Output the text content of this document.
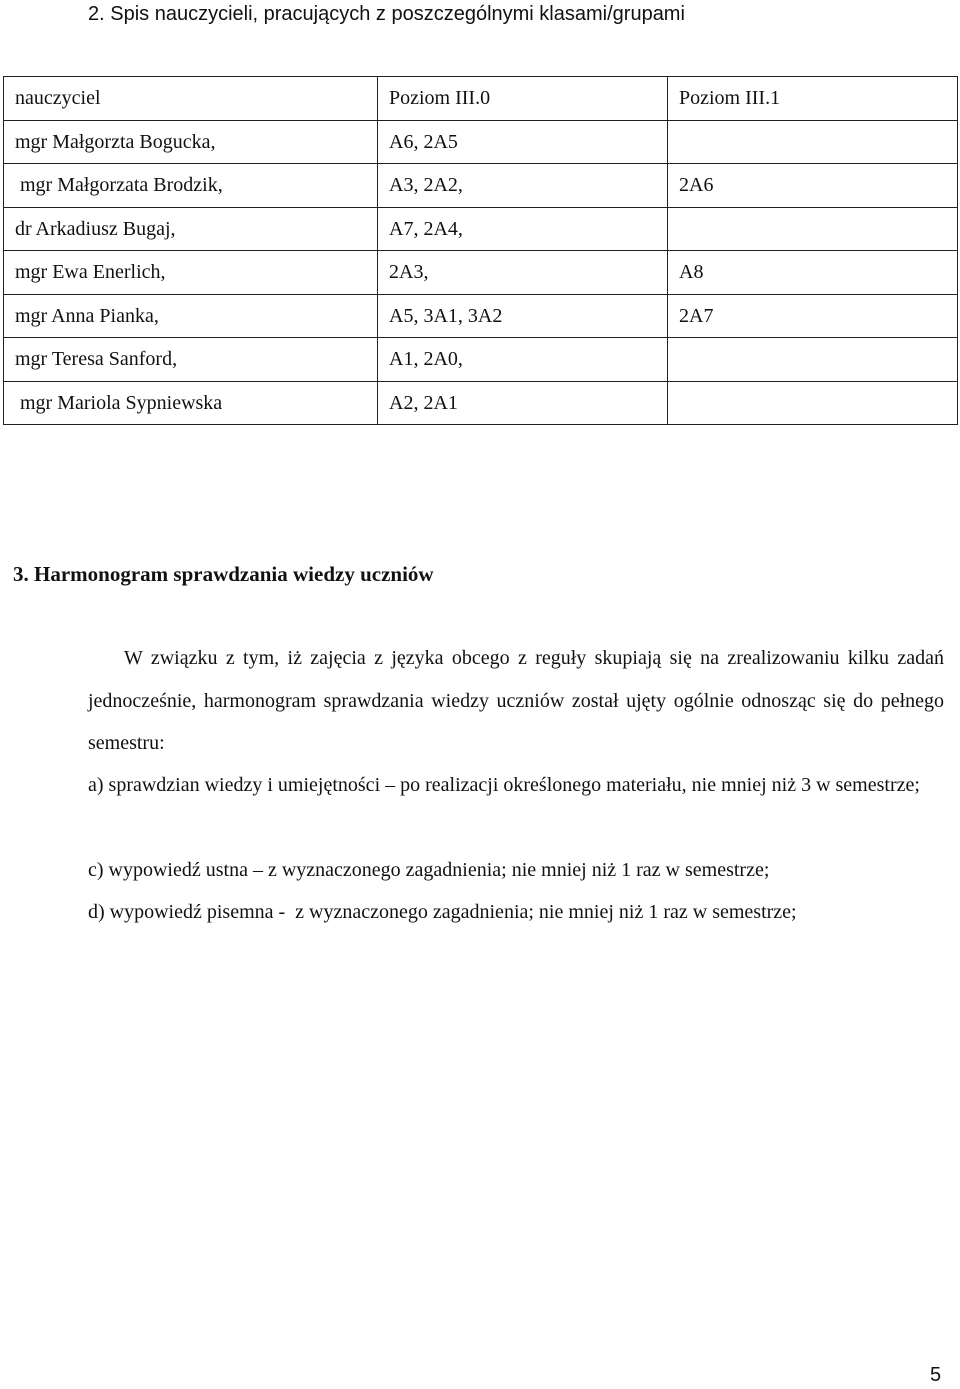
2. Spis nauczycieli, pracujących z poszczególnymi klasami/grupami
nauczyciel	Poziom III.0	Poziom III.1
mgr Małgorzta Bogucka,	A6, 2A5	
mgr Małgorzata Brodzik,	A3, 2A2,	2A6
dr Arkadiusz Bugaj,	A7, 2A4,	
mgr Ewa Enerlich,	2A3,	A8
mgr Anna Pianka,	A5, 3A1, 3A2	2A7
mgr Teresa Sanford,	A1, 2A0,	
mgr Mariola Sypniewska	A2, 2A1	
3. Harmonogram sprawdzania wiedzy uczniów

W związku z tym, iż zajęcia z języka obcego z reguły skupiają się na zrealizowaniu kilku zadań jednocześnie, harmonogram sprawdzania wiedzy uczniów został ujęty ogólnie odnosząc się do pełnego semestru:

a) sprawdzian wiedzy i umiejętności – po realizacji określonego materiału, nie mniej niż 3 w semestrze;

c) wypowiedź ustna – z wyznaczonego zagadnienia; nie mniej niż 1 raz w semestrze;

d) wypowiedź pisemna -  z wyznaczonego zagadnienia; nie mniej niż 1 raz w semestrze;

5
